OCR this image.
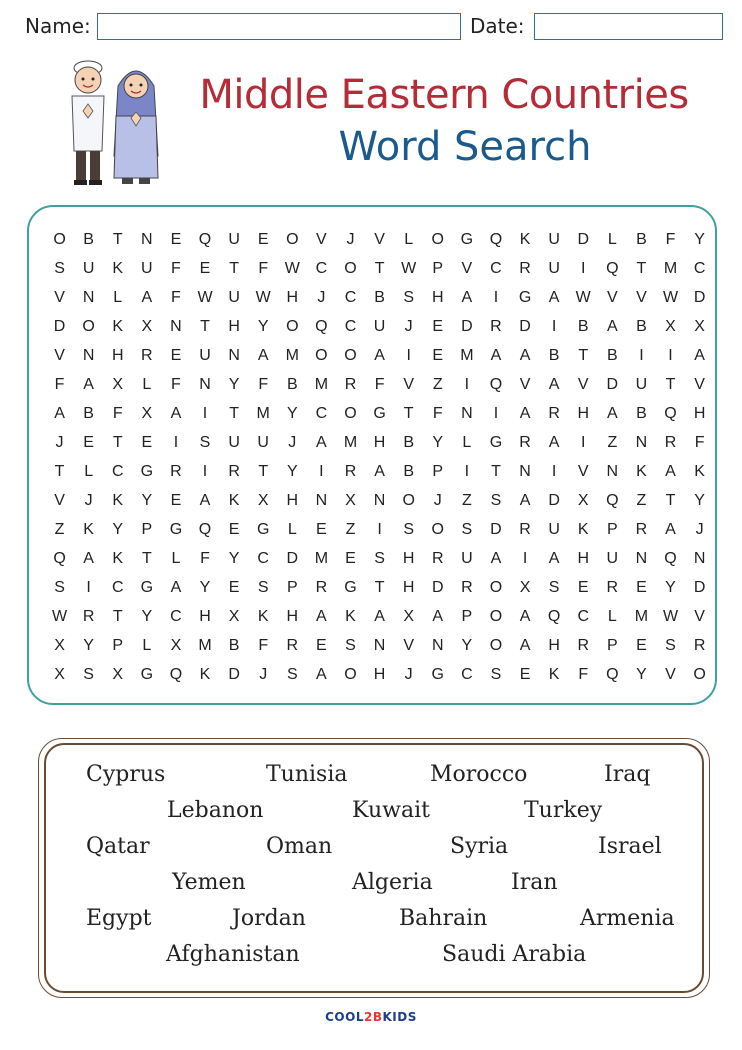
Name:	Date:
Middle Eastern Countries
Word Search
O	B	T	N	E	Q	U	E	O	V	J	V	L	O	G	Q	K	U	D	L	B	F	Y
S	U	K	U	F	E	T	F	W C	O	T	W	P	V	C	R	U	I	Q	T	M	C
V	N	L	A	F	W U W H	J	C	B	S	H	A	I	G	A	W	V	V	W D
D	O	K	X	N	T	H	Y	O	Q	C	U	J	E	D	R	D	I	B	A	B	X	X
V	N	H	R	E	U	N	A	M	O	O	A	I	E	M	A	A	B	T	B	I	I	A
F	A	X	L	F	N	Y	F	B	M	R	F	V	Z	I	Q	V	A	V	D	U	T	V
A	B	F	X	A	I	T	M	Y	C	O	G	T	F	N	I	A	R	H	A	B	Q	H
J	E	T	E	I	S	U	U	J	A	M	H	B	Y	L	G	R	A	I	Z	N	R	F
T	L	C	G	R	I	R	T	Y	I	R	A	B	P	I	T	N	I	V	N	K	A	K
V	J	K	Y	E	A	K	X	H	N	X	N	O	J	Z	S	A	D	X	Q	Z	T	Y
Z	K	Y	P	G	Q	E	G	L	E	Z	I	S	O	S	D	R	U	K	P	R	A	J
Q	A	K	T	L	F	Y	C	D	M	E	S	H	R	U	A	I	A	H	U	N	Q	N
S	I	C	G	A	Y	E	S	P	R	G	T	H	D	R	O	X	S	E	R	E	Y	D
W R	T	Y	C	H	X	K	H	A	K	A	X	A	P	O	A	Q	C	L	M W	V
X	Y	P	L	X	M	B	F	R	E	S	N	V	N	Y	O	A	H	R	P	E	S	R
X	S	X	G	Q	K	D	J	S	A	O	H	J	G	C	S	E	K	F	Q	Y	V	O
Cyprus	Tunisia	Morocco	Iraq
Lebanon	Kuwait	Turkey
Qatar	Oman	Syria	Israel
Yemen	Algeria	Iran
Egypt	Jordan	Bahrain	Armenia
Afghanistan	Saudi Arabia
COOL2BKIDS
